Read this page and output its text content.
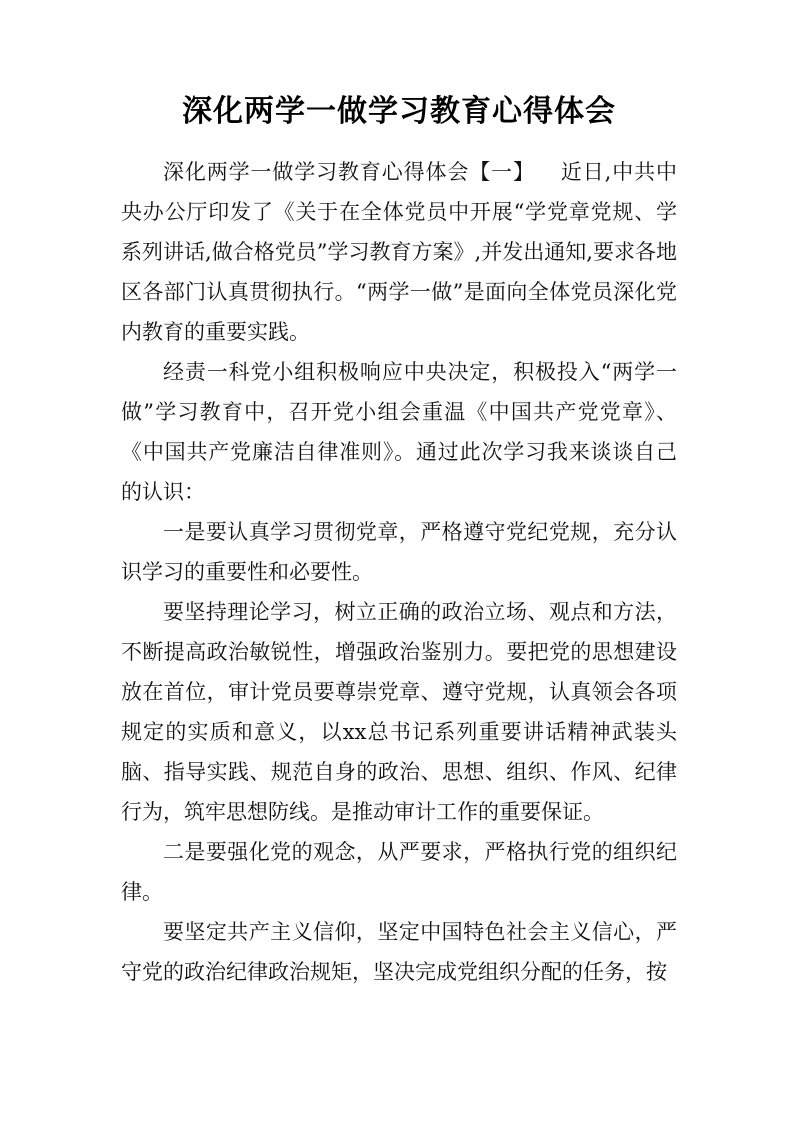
深化两学一做学习教育心得体会

深化两学一做学习教育心得体会【一】 近日,中共中央办公厅印发了《关于在全体党员中开展“学党章党规、学系列讲话,做合格党员”学习教育方案》,并发出通知,要求各地区各部门认真贯彻执行。“两学一做”是面向全体党员深化党内教育的重要实践。

经责一科党小组积极响应中央决定，积极投入“两学一做”学习教育中，召开党小组会重温《中国共产党党章》、《中国共产党廉洁自律准则》。通过此次学习我来谈谈自己的认识：

一是要认真学习贯彻党章，严格遵守党纪党规，充分认识学习的重要性和必要性。

要坚持理论学习，树立正确的政治立场、观点和方法，不断提高政治敏锐性，增强政治鉴别力。要把党的思想建设放在首位，审计党员要尊崇党章、遵守党规，认真领会各项规定的实质和意义，以xx总书记系列重要讲话精神武装头脑、指导实践、规范自身的政治、思想、组织、作风、纪律行为，筑牢思想防线。是推动审计工作的重要保证。

二是要强化党的观念，从严要求，严格执行党的组织纪律。

要坚定共产主义信仰，坚定中国特色社会主义信心，严守党的政治纪律政治规矩，坚决完成党组织分配的任务，按
